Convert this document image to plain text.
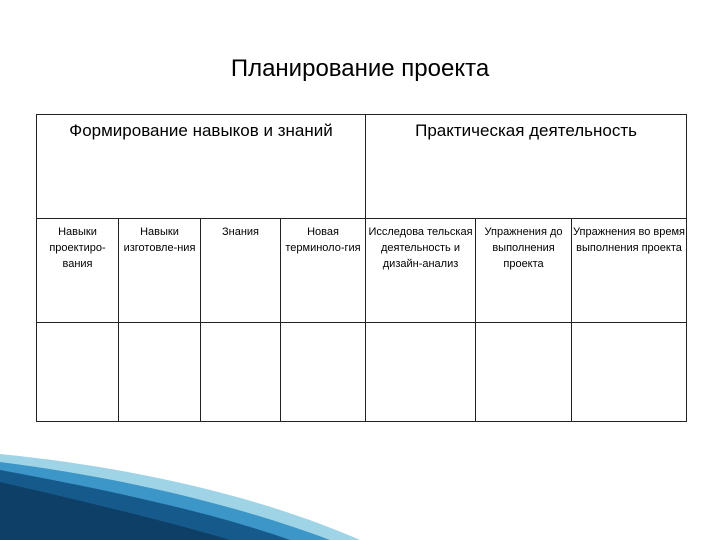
Планирование проекта
Формирование навыков и знаний				Практическая деятельность		
Навыки проектиро-вания	Навыки изготовле-ния	Знания	Новая терминоло-гия	Исследова тельская деятельность и дизайн-анализ	Упражнения до выполнения проекта	Упражнения во время выполнения проекта
